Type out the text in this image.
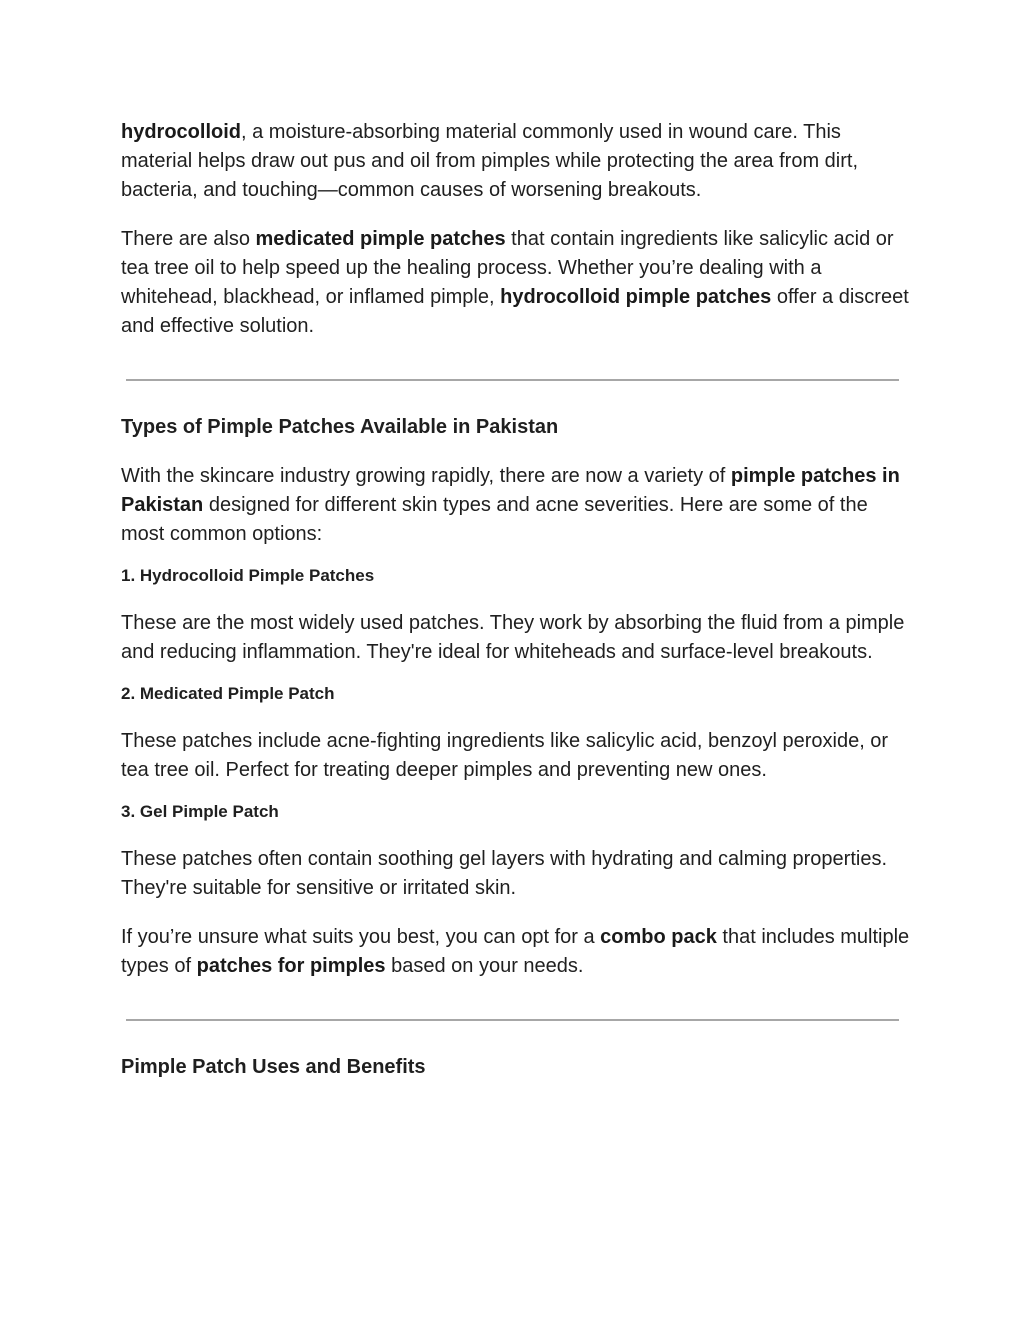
hydrocolloid, a moisture-absorbing material commonly used in wound care. This material helps draw out pus and oil from pimples while protecting the area from dirt, bacteria, and touching—common causes of worsening breakouts.

There are also medicated pimple patches that contain ingredients like salicylic acid or tea tree oil to help speed up the healing process. Whether you’re dealing with a whitehead, blackhead, or inflamed pimple, hydrocolloid pimple patches offer a discreet and effective solution.

Types of Pimple Patches Available in Pakistan

With the skincare industry growing rapidly, there are now a variety of pimple patches in Pakistan designed for different skin types and acne severities. Here are some of the most common options:

1. Hydrocolloid Pimple Patches

These are the most widely used patches. They work by absorbing the fluid from a pimple and reducing inflammation. They're ideal for whiteheads and surface-level breakouts.

2. Medicated Pimple Patch

These patches include acne-fighting ingredients like salicylic acid, benzoyl peroxide, or tea tree oil. Perfect for treating deeper pimples and preventing new ones.

3. Gel Pimple Patch

These patches often contain soothing gel layers with hydrating and calming properties. They're suitable for sensitive or irritated skin.

If you’re unsure what suits you best, you can opt for a combo pack that includes multiple types of patches for pimples based on your needs.

Pimple Patch Uses and Benefits
